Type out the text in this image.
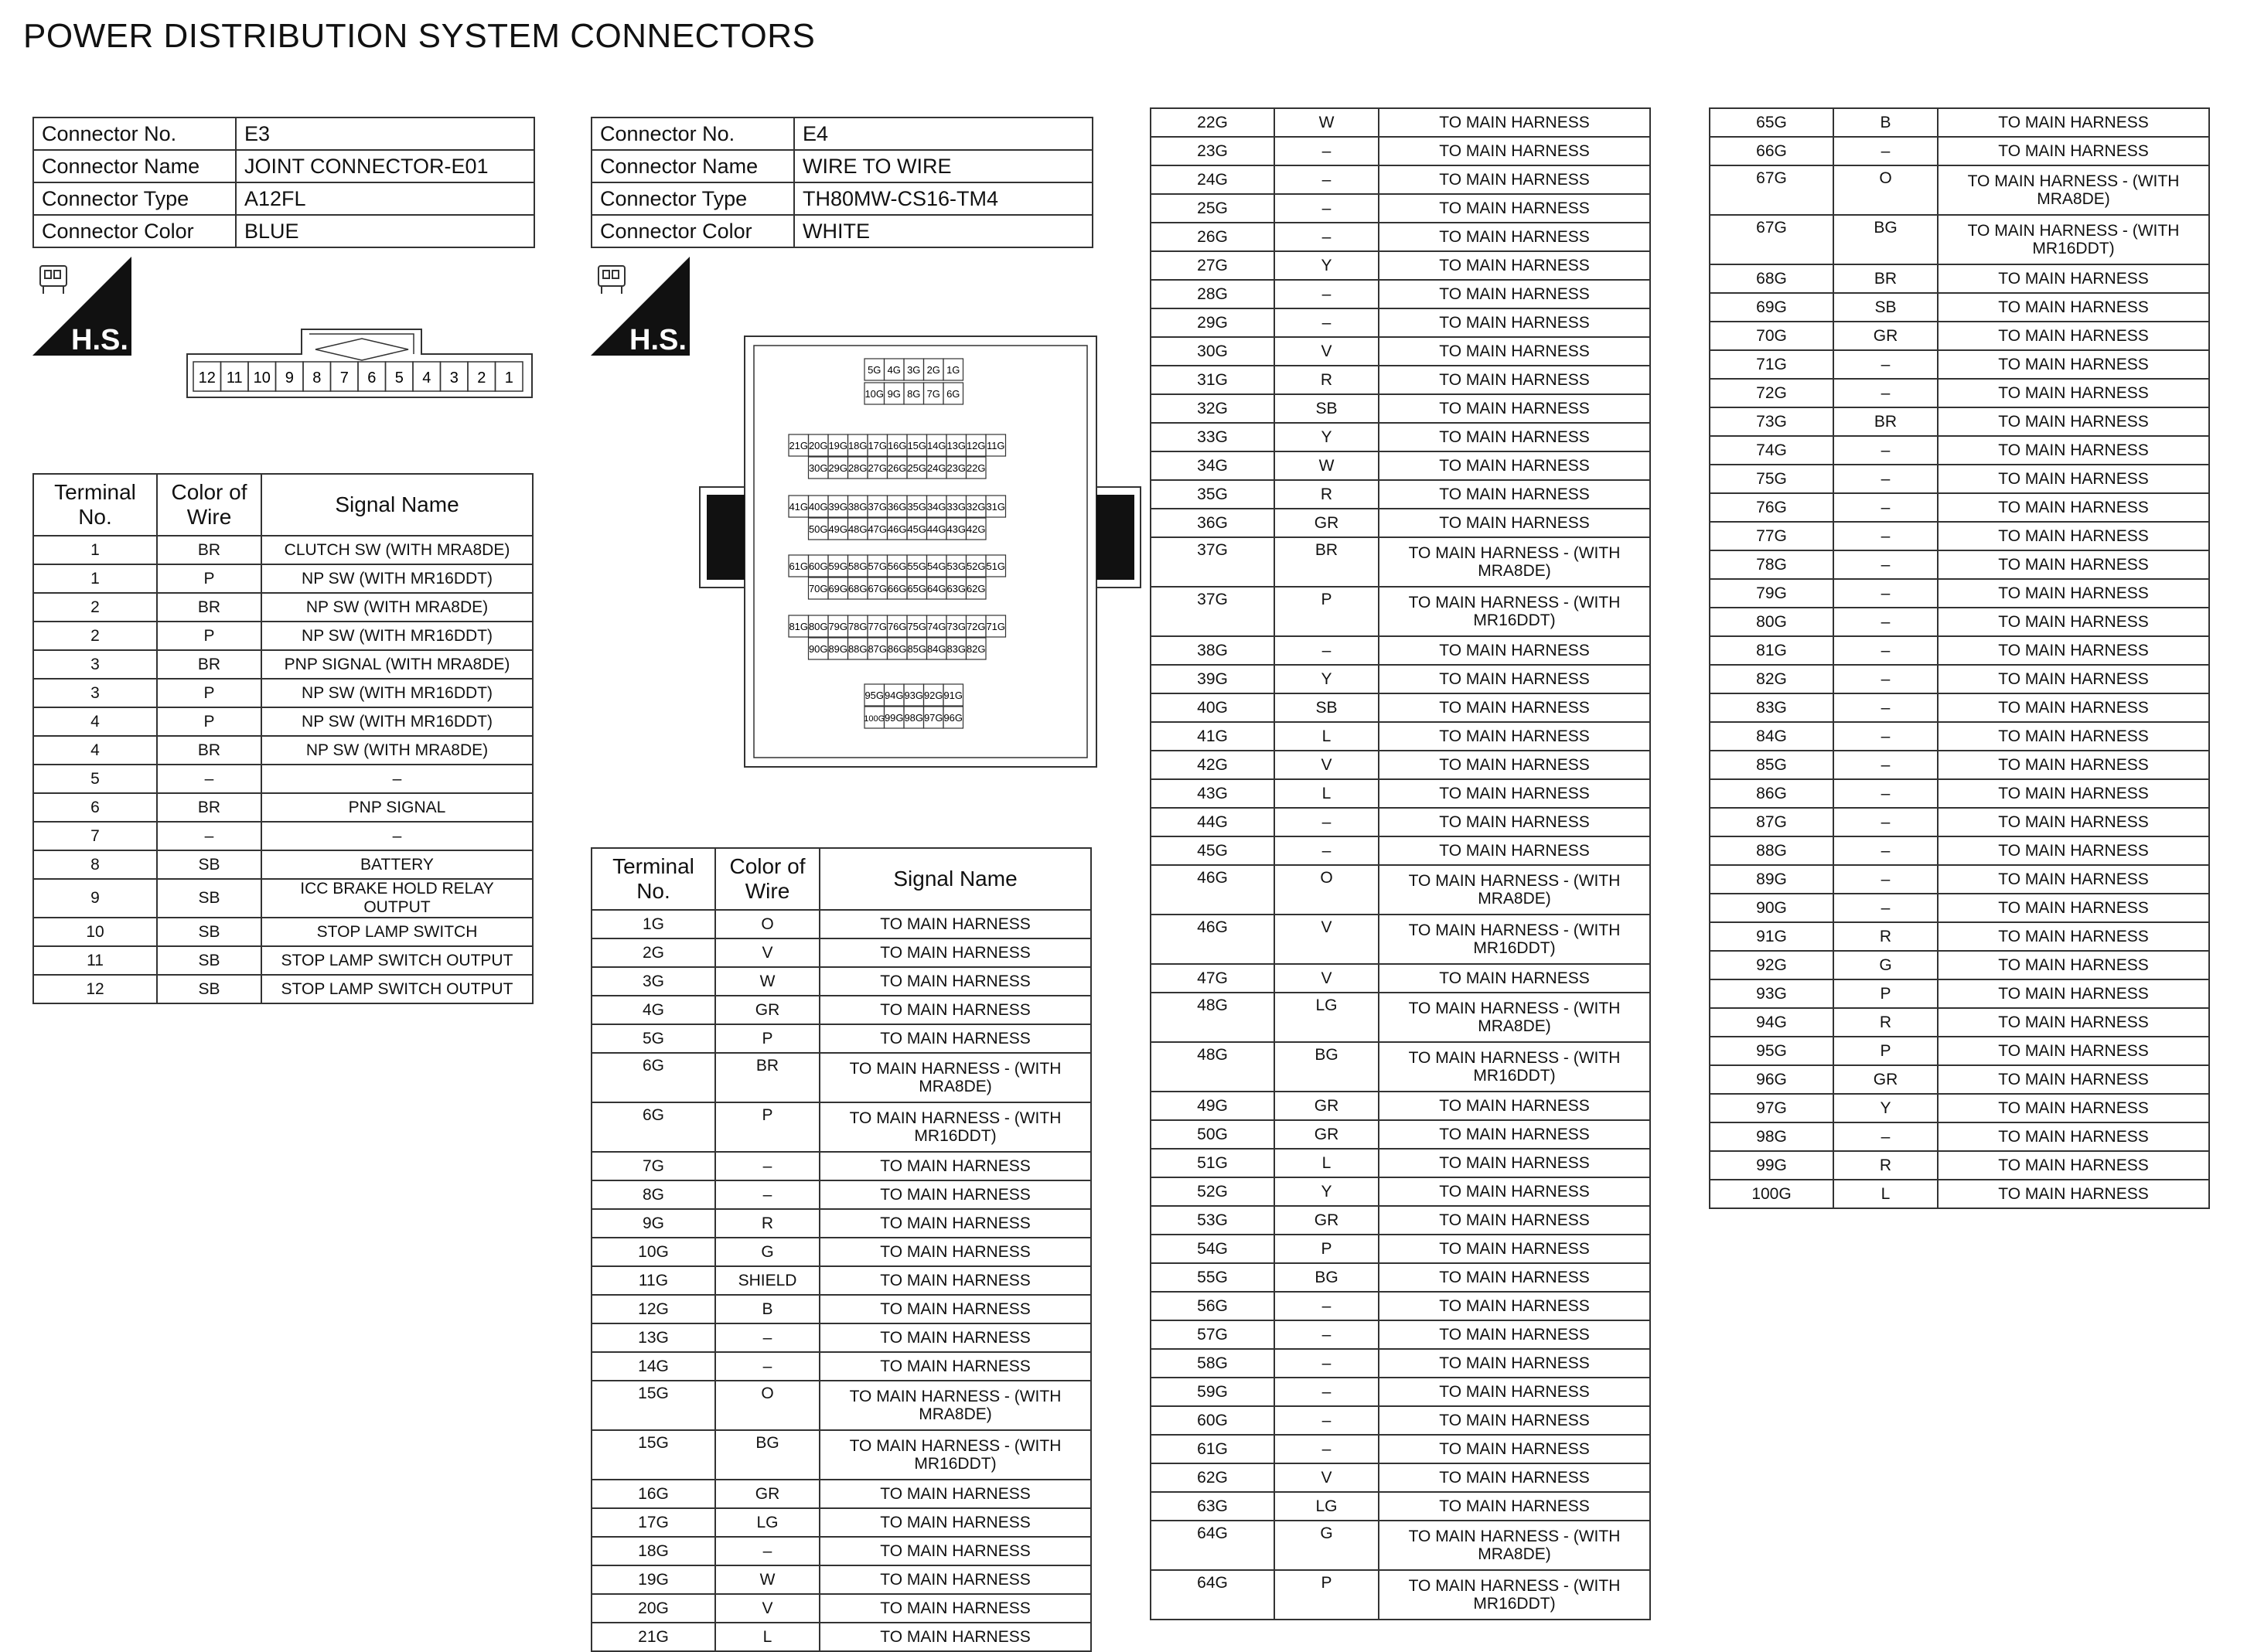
POWER DISTRIBUTION SYSTEM CONNECTORS
Connector No.	E3
Connector Name	JOINT CONNECTOR-E01
Connector Type	A12FL
Connector Color	BLUE
Connector No.	E4
Connector Name	WIRE TO WIRE
Connector Type	TH80MW-CS16-TM4
Connector Color	WHITE
H.S.	H.S.
12 11 10 9 8 7 6 5 4 3 2 1	5G 4G 3G 2G 1G
10G 9G 8G 7G 6G
21G 20G 19G 18G 17G 16G 15G 14G 13G 12G 11G
30G 29G 28G 27G 26G 25G 24G 23G 22G
41G 40G 39G 38G 37G 36G 35G 34G 33G 32G 31G
50G 49G 48G 47G 46G 45G 44G 43G 42G
61G 60G 59G 58G 57G 56G 55G 54G 53G 52G 51G
70G 69G 68G 67G 66G 65G 64G 63G 62G
81G 80G 79G 78G 77G 76G 75G 74G 73G 72G 71G
90G 89G 88G 87G 86G 85G 84G 83G 82G
95G 94G 93G 92G 91G
100G 99G 98G 97G 96G
Terminal No.	Color of Wire	Signal Name
1	BR	CLUTCH SW (WITH MRA8DE)
1	P	NP SW (WITH MR16DDT)
2	BR	NP SW (WITH MRA8DE)
2	P	NP SW (WITH MR16DDT)
3	BR	PNP SIGNAL (WITH MRA8DE)
3	P	NP SW (WITH MR16DDT)
4	P	NP SW (WITH MR16DDT)
4	BR	NP SW (WITH MRA8DE)
5	–	–
6	BR	PNP SIGNAL
7	–	–
8	SB	BATTERY
9	SB	ICC BRAKE HOLD RELAY OUTPUT
10	SB	STOP LAMP SWITCH
11	SB	STOP LAMP SWITCH OUTPUT
12	SB	STOP LAMP SWITCH OUTPUT
Terminal No.	Color of Wire	Signal Name
1G	O	TO MAIN HARNESS
2G	V	TO MAIN HARNESS
3G	W	TO MAIN HARNESS
4G	GR	TO MAIN HARNESS
5G	P	TO MAIN HARNESS
6G	BR	TO MAIN HARNESS - (WITH MRA8DE)
6G	P	TO MAIN HARNESS - (WITH MR16DDT)
7G	–	TO MAIN HARNESS
8G	–	TO MAIN HARNESS
9G	R	TO MAIN HARNESS
10G	G	TO MAIN HARNESS
11G	SHIELD	TO MAIN HARNESS
12G	B	TO MAIN HARNESS
13G	–	TO MAIN HARNESS
14G	–	TO MAIN HARNESS
15G	O	TO MAIN HARNESS - (WITH MRA8DE)
15G	BG	TO MAIN HARNESS - (WITH MR16DDT)
16G	GR	TO MAIN HARNESS
17G	LG	TO MAIN HARNESS
18G	–	TO MAIN HARNESS
19G	W	TO MAIN HARNESS
20G	V	TO MAIN HARNESS
21G	L	TO MAIN HARNESS
22G	W	TO MAIN HARNESS
23G	–	TO MAIN HARNESS
24G	–	TO MAIN HARNESS
25G	–	TO MAIN HARNESS
26G	–	TO MAIN HARNESS
27G	Y	TO MAIN HARNESS
28G	–	TO MAIN HARNESS
29G	–	TO MAIN HARNESS
30G	V	TO MAIN HARNESS
31G	R	TO MAIN HARNESS
32G	SB	TO MAIN HARNESS
33G	Y	TO MAIN HARNESS
34G	W	TO MAIN HARNESS
35G	R	TO MAIN HARNESS
36G	GR	TO MAIN HARNESS
37G	BR	TO MAIN HARNESS - (WITH MRA8DE)
37G	P	TO MAIN HARNESS - (WITH MR16DDT)
38G	–	TO MAIN HARNESS
39G	Y	TO MAIN HARNESS
40G	SB	TO MAIN HARNESS
41G	L	TO MAIN HARNESS
42G	V	TO MAIN HARNESS
43G	L	TO MAIN HARNESS
44G	–	TO MAIN HARNESS
45G	–	TO MAIN HARNESS
46G	O	TO MAIN HARNESS - (WITH MRA8DE)
46G	V	TO MAIN HARNESS - (WITH MR16DDT)
47G	V	TO MAIN HARNESS
48G	LG	TO MAIN HARNESS - (WITH MRA8DE)
48G	BG	TO MAIN HARNESS - (WITH MR16DDT)
49G	GR	TO MAIN HARNESS
50G	GR	TO MAIN HARNESS
51G	L	TO MAIN HARNESS
52G	Y	TO MAIN HARNESS
53G	GR	TO MAIN HARNESS
54G	P	TO MAIN HARNESS
55G	BG	TO MAIN HARNESS
56G	–	TO MAIN HARNESS
57G	–	TO MAIN HARNESS
58G	–	TO MAIN HARNESS
59G	–	TO MAIN HARNESS
60G	–	TO MAIN HARNESS
61G	–	TO MAIN HARNESS
62G	V	TO MAIN HARNESS
63G	LG	TO MAIN HARNESS
64G	G	TO MAIN HARNESS - (WITH MRA8DE)
64G	P	TO MAIN HARNESS - (WITH MR16DDT)
65G	B	TO MAIN HARNESS
66G	–	TO MAIN HARNESS
67G	O	TO MAIN HARNESS - (WITH MRA8DE)
67G	BG	TO MAIN HARNESS - (WITH MR16DDT)
68G	BR	TO MAIN HARNESS
69G	SB	TO MAIN HARNESS
70G	GR	TO MAIN HARNESS
71G	–	TO MAIN HARNESS
72G	–	TO MAIN HARNESS
73G	BR	TO MAIN HARNESS
74G	–	TO MAIN HARNESS
75G	–	TO MAIN HARNESS
76G	–	TO MAIN HARNESS
77G	–	TO MAIN HARNESS
78G	–	TO MAIN HARNESS
79G	–	TO MAIN HARNESS
80G	–	TO MAIN HARNESS
81G	–	TO MAIN HARNESS
82G	–	TO MAIN HARNESS
83G	–	TO MAIN HARNESS
84G	–	TO MAIN HARNESS
85G	–	TO MAIN HARNESS
86G	–	TO MAIN HARNESS
87G	–	TO MAIN HARNESS
88G	–	TO MAIN HARNESS
89G	–	TO MAIN HARNESS
90G	–	TO MAIN HARNESS
91G	R	TO MAIN HARNESS
92G	G	TO MAIN HARNESS
93G	P	TO MAIN HARNESS
94G	R	TO MAIN HARNESS
95G	P	TO MAIN HARNESS
96G	GR	TO MAIN HARNESS
97G	Y	TO MAIN HARNESS
98G	–	TO MAIN HARNESS
99G	R	TO MAIN HARNESS
100G	L	TO MAIN HARNESS
